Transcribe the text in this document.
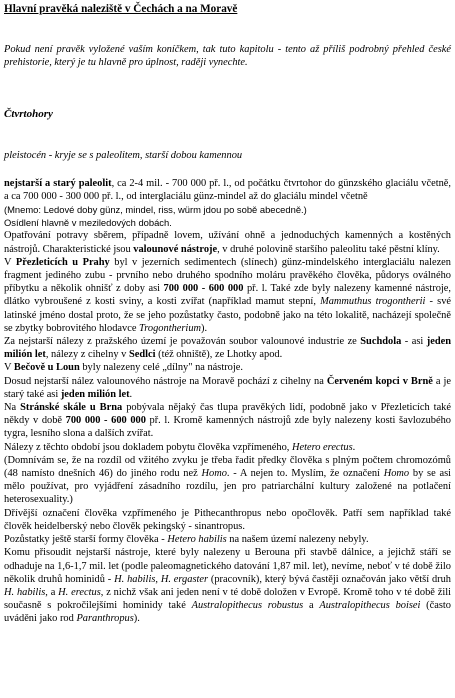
Hlavní pravěká naleziště v Čechách a na Moravě

Pokud není pravěk vyložené vaším koníčkem, tak tuto kapitolu - tento až příliš podrobný přehled české prehistorie, který je tu hlavně pro úplnost, raději vynechte.

Čtvrtohory

pleistocén - kryje se s paleolitem, starší dobou kamennou

nejstarší a starý paleolit, ca 2-4 mil. - 700 000 př. l., od počátku čtvrtohor do günzského glaciálu včetně, a ca 700 000 - 300 000 př. l., od interglaciálu günz-mindel až do glaciálu mindel včetně

(Mnemo: Ledové doby günz, mindel, riss, würm jdou po sobě abecedně.)

Osídlení hlavně v meziledových dobách.

Opatřování potravy sběrem, případně lovem, užívání ohně a jednoduchých kamenných a kostěných nástrojů. Charakteristické jsou valounové nástroje, v druhé polovině staršího paleolitu také pěstní klíny.

V Přezleticích u Prahy byl v jezerních sedimentech (slínech) günz-mindelského interglaciálu nalezen fragment jediného zubu - prvního nebo druhého spodního moláru pravěkého člověka, půdorys oválného příbytku a několik ohnišť z doby asi 700 000 - 600 000 př. l. Také zde byly nalezeny kamenné nástroje, dlátko vybroušené z kosti sviny, a kosti zvířat (například mamut stepní, Mammuthus trogontherii - své latinské jméno dostal proto, že se jeho pozůstatky často, podobně jako na této lokalitě, nacházejí společně se zbytky bobrovitého hlodavce Trogontherium).

Za nejstarší nálezy z pražského území je považován soubor valounové industrie ze Suchdola - asi jeden milión let, nálezy z cihelny v Sedlci (též ohniště), ze Lhotky apod.

V Bečově u Loun byly nalezeny celé „dílny" na nástroje.

Dosud nejstarší nález valounového nástroje na Moravě pochází z cihelny na Červeném kopci v Brně a je starý také asi jeden milión let.

Na Stránské skále u Brna pobývala nějaký čas tlupa pravěkých lidí, podobně jako v Přezleticích také někdy v době 700 000 - 600 000 př. l. Kromě kamenných nástrojů zde byly nalezeny kosti šavlozubého tygra, lesního slona a dalších zvířat.

Nálezy z těchto období jsou dokladem pobytu člověka vzpřímeného, Hetero erectus.

(Domnívám se, že na rozdíl od vžitého zvyku je třeba řadit předky člověka s plným počtem chromozómů (48 namísto dnešních 46) do jiného rodu než Homo. - A nejen to. Myslím, že označení Homo by se asi mělo používat, pro vyjádření zásadního rozdílu, jen pro patriarchální kultury založené na potlačení heterosexuality.)

Dřívější označení člověka vzpřímeného je Pithecanthropus nebo opočlověk. Patří sem například také člověk heidelberský nebo člověk pekingský - sinantropus.

Pozůstatky ještě starší formy člověka - Hetero habilis na našem území nalezeny nebyly.

Komu přisoudit nejstarší nástroje, které byly nalezeny u Berouna při stavbě dálnice, a jejichž stáří se odhaduje na 1,6-1,7 mil. let (podle paleomagnetického datování 1,87 mil. let), nevíme, neboť v té době žilo několik druhů hominidů - H. habilis, H. ergaster (pracovník), který bývá častěji označován jako větší druh H. habilis, a H. erectus, z nichž však ani jeden není v té době doložen v Evropě. Kromě toho v té době žili současně s pokročilejšími hominidy také Australopithecus robustus a Australopithecus boisei (často uváděni jako rod Paranthropus).
